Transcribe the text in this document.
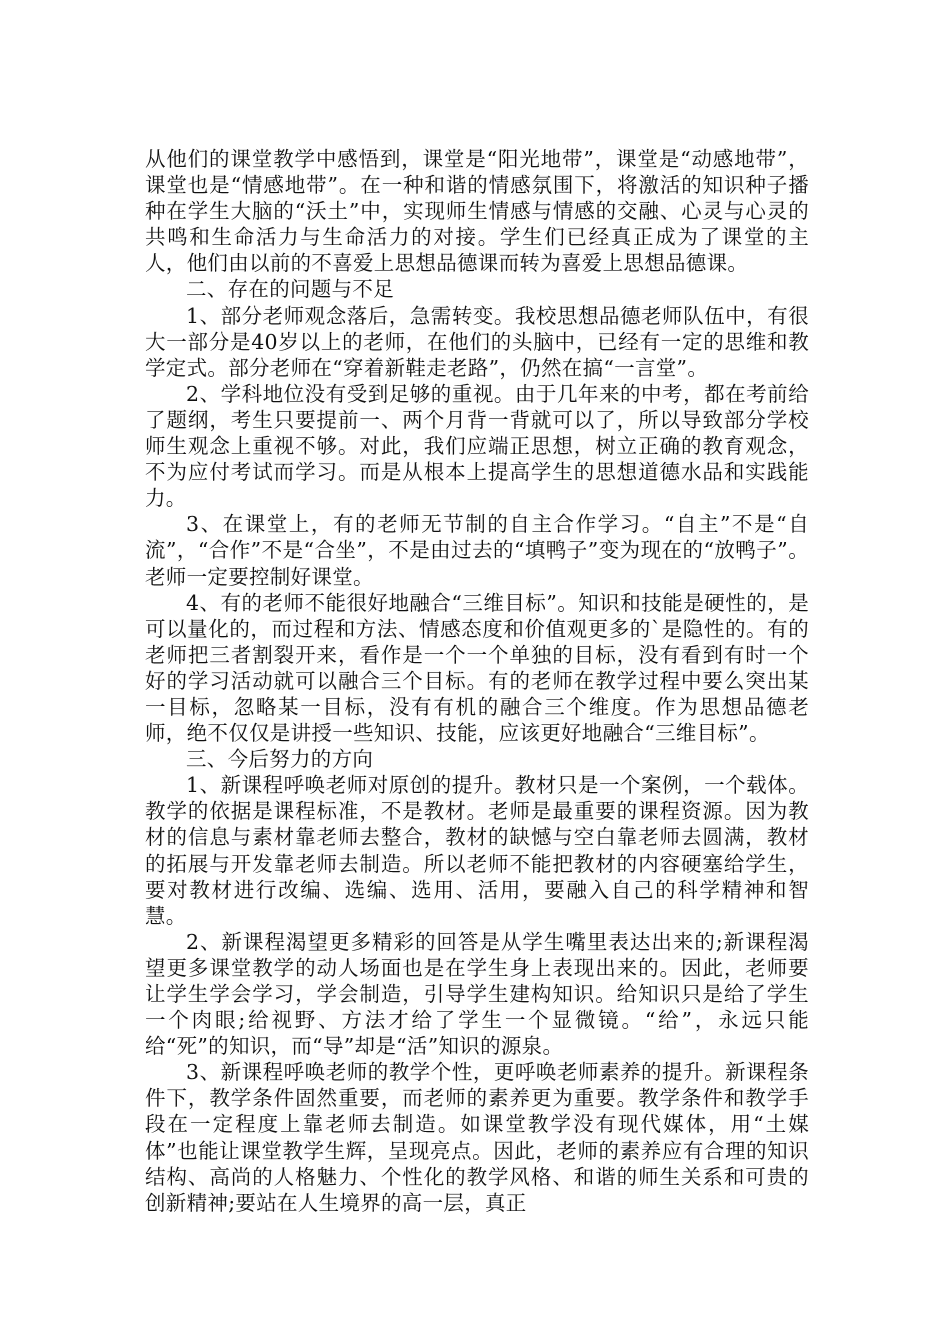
从他们的课堂教学中感悟到，课堂是“阳光地带”，课堂是“动感地带”，课堂也是“情感地带”。在一种和谐的情感氛围下，将激活的知识种子播种在学生大脑的“沃土”中，实现师生情感与情感的交融、心灵与心灵的共鸣和生命活力与生命活力的对接。学生们已经真正成为了课堂的主人，他们由以前的不喜爱上思想品德课而转为喜爱上思想品德课。

二、存在的问题与不足

1、部分老师观念落后，急需转变。我校思想品德老师队伍中，有很大一部分是40岁以上的老师，在他们的头脑中，已经有一定的思维和教学定式。部分老师在“穿着新鞋走老路”，仍然在搞“一言堂”。

2、学科地位没有受到足够的重视。由于几年来的中考，都在考前给了题纲，考生只要提前一、两个月背一背就可以了，所以导致部分学校师生观念上重视不够。对此，我们应端正思想，树立正确的教育观念，不为应付考试而学习。而是从根本上提高学生的思想道德水品和实践能力。

3、在课堂上，有的老师无节制的自主合作学习。“自主”不是“自流”，“合作”不是“合坐”，不是由过去的“填鸭子”变为现在的“放鸭子”。老师一定要控制好课堂。

4、有的老师不能很好地融合“三维目标”。知识和技能是硬性的，是可以量化的，而过程和方法、情感态度和价值观更多的`是隐性的。有的老师把三者割裂开来，看作是一个一个单独的目标，没有看到有时一个好的学习活动就可以融合三个目标。有的老师在教学过程中要么突出某一目标，忽略某一目标，没有有机的融合三个维度。作为思想品德老师，绝不仅仅是讲授一些知识、技能，应该更好地融合“三维目标”。

三、今后努力的方向

1、新课程呼唤老师对原创的提升。教材只是一个案例，一个载体。教学的依据是课程标准，不是教材。老师是最重要的课程资源。因为教材的信息与素材靠老师去整合，教材的缺憾与空白靠老师去圆满，教材的拓展与开发靠老师去制造。所以老师不能把教材的内容硬塞给学生，要对教材进行改编、选编、选用、活用，要融入自己的科学精神和智慧。

2、新课程渴望更多精彩的回答是从学生嘴里表达出来的;新课程渴望更多课堂教学的动人场面也是在学生身上表现出来的。因此，老师要让学生学会学习，学会制造，引导学生建构知识。给知识只是给了学生一个肉眼;给视野、方法才给了学生一个显微镜。“给”，永远只能给“死”的知识，而“导”却是“活”知识的源泉。

3、新课程呼唤老师的教学个性，更呼唤老师素养的提升。新课程条件下，教学条件固然重要，而老师的素养更为重要。教学条件和教学手段在一定程度上靠老师去制造。如课堂教学没有现代媒体，用“土媒体”也能让课堂教学生辉，呈现亮点。因此，老师的素养应有合理的知识结构、高尚的人格魅力、个性化的教学风格、和谐的师生关系和可贵的创新精神;要站在人生境界的高一层，真正
